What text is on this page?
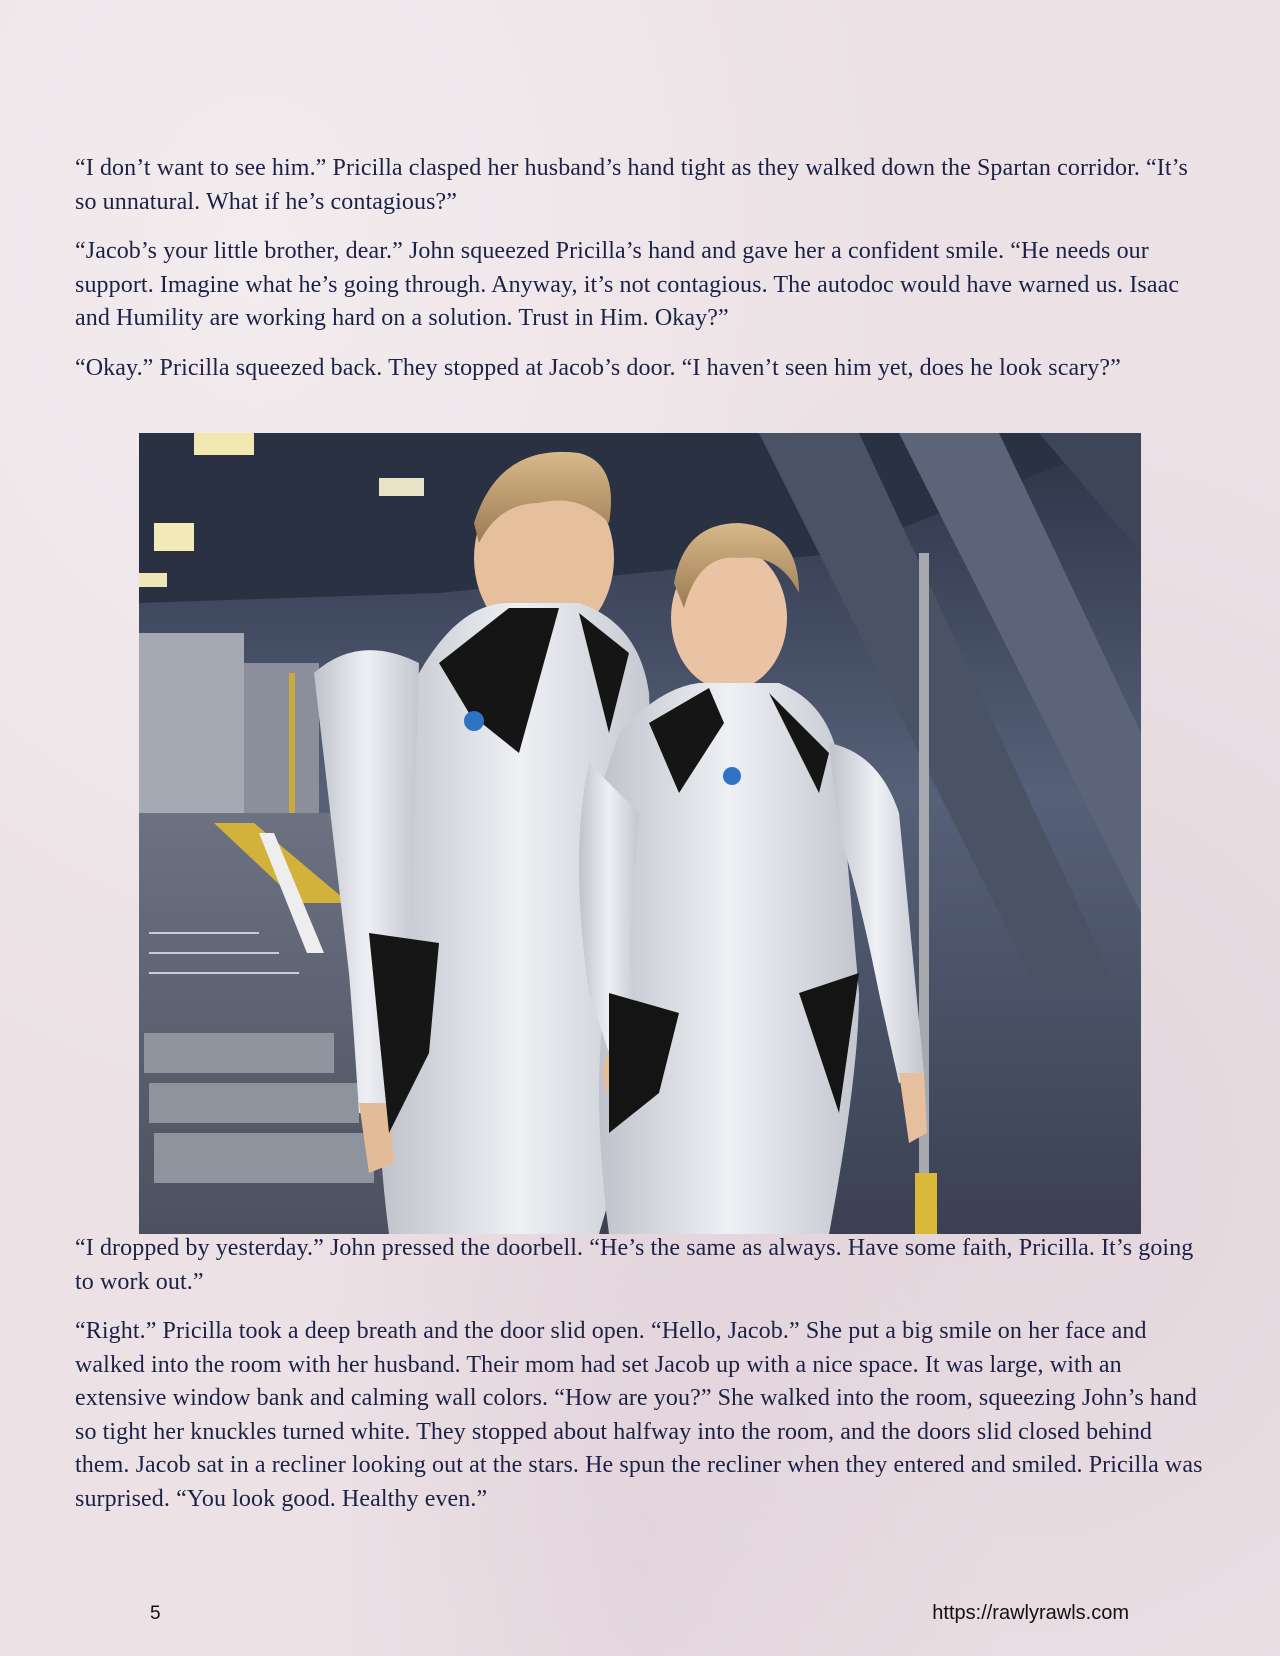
“I don’t want to see him.” Pricilla clasped her husband’s hand tight as they walked down the Spartan corridor. “It’s so unnatural. What if he’s contagious?”

“Jacob’s your little brother, dear.” John squeezed Pricilla’s hand and gave her a confident smile. “He needs our support. Imagine what he’s going through. Anyway, it’s not contagious. The autodoc would have warned us. Isaac and Humility are working hard on a solution. Trust in Him. Okay?”

“Okay.” Pricilla squeezed back. They stopped at Jacob’s door. “I haven’t seen him yet, does he look scary?”

“I dropped by yesterday.” John pressed the doorbell. “He’s the same as always. Have some faith, Pricilla. It’s going to work out.”

“Right.” Pricilla took a deep breath and the door slid open. “Hello, Jacob.” She put a big smile on her face and walked into the room with her husband. Their mom had set Jacob up with a nice space. It was large, with an extensive window bank and calming wall colors. “How are you?” She walked into the room, squeezing John’s hand so tight her knuckles turned white. They stopped about halfway into the room, and the doors slid closed behind them. Jacob sat in a recliner looking out at the stars. He spun the recliner when they entered and smiled. Pricilla was surprised. “You look good. Healthy even.”

5	https://rawlyrawls.com
